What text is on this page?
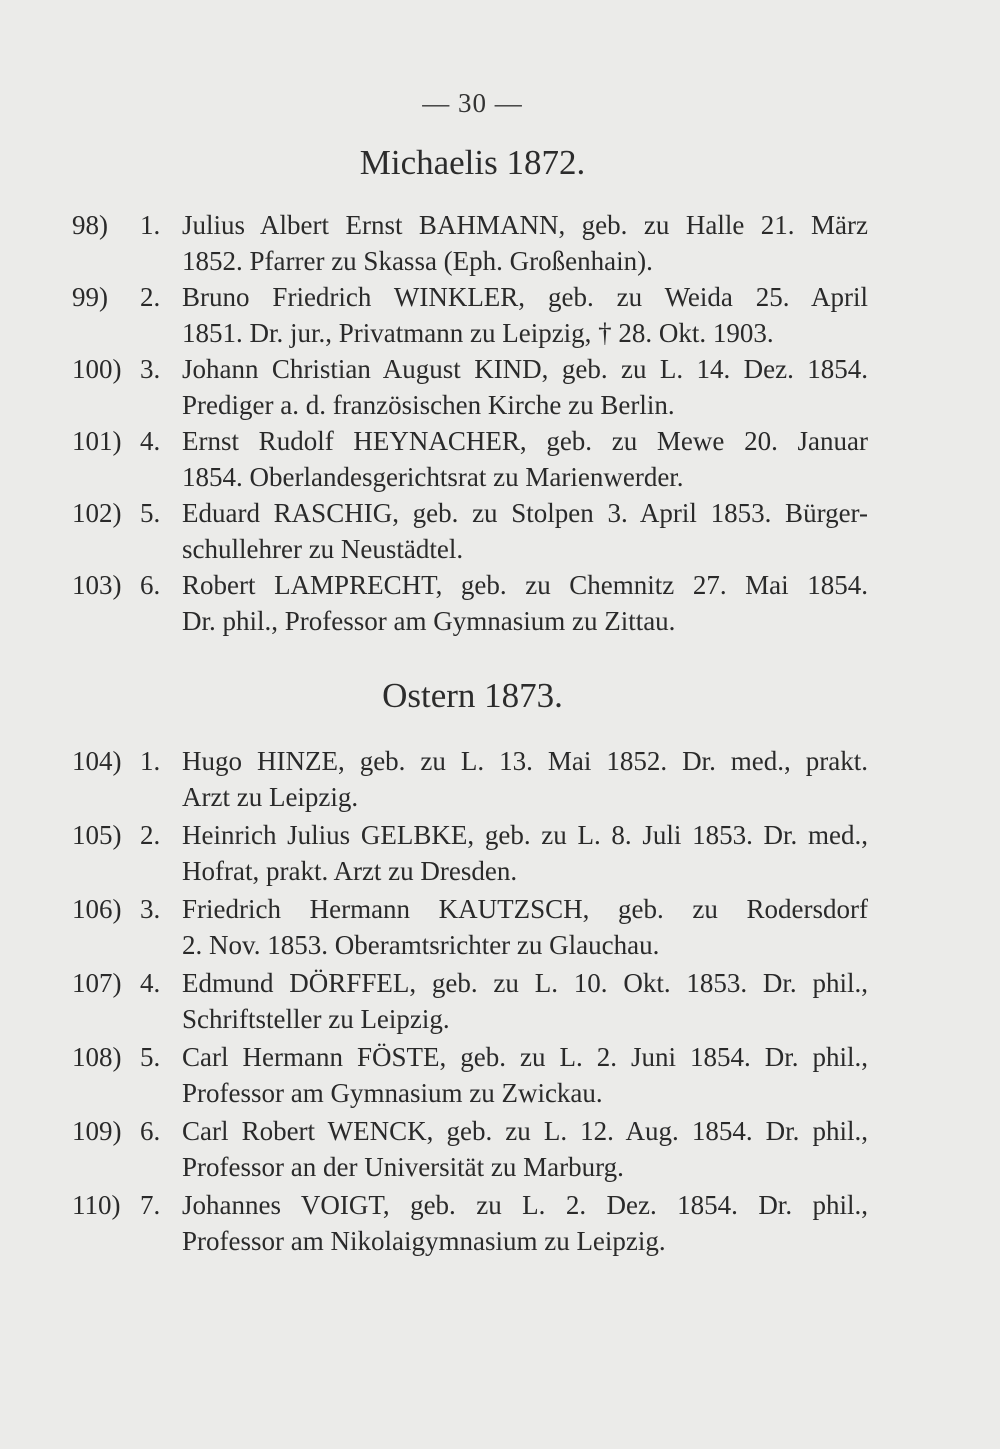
— 30 —
Michaelis 1872.
98)	1. Julius Albert Ernst BAHMANN, geb. zu Halle 21. März
1852. Pfarrer zu Skassa (Eph. Großenhain).
99)	2. Bruno Friedrich WINKLER, geb. zu Weida 25. April
1851. Dr. jur., Privatmann zu Leipzig, † 28. Okt. 1903.
100) 3. Johann Christian August KIND, geb. zu L. 14. Dez. 1854.
Prediger a. d. französischen Kirche zu Berlin.
101) 4. Ernst Rudolf HEYNACHER, geb. zu Mewe 20. Januar
1854. Oberlandesgerichtsrat zu Marienwerder.
102) 5. Eduard RASCHIG, geb. zu Stolpen 3. April 1853. Bürger-
schullehrer zu Neustädtel.
103) 6. Robert LAMPRECHT, geb. zu Chemnitz 27. Mai 1854.
Dr. phil., Professor am Gymnasium zu Zittau.
Ostern 1873.
104) 1. Hugo HINZE, geb. zu L. 13. Mai 1852. Dr. med., prakt.
Arzt zu Leipzig.
105) 2. Heinrich Julius GELBKE, geb. zu L. 8. Juli 1853. Dr. med.,
Hofrat, prakt. Arzt zu Dresden.
106) 3. Friedrich Hermann KAUTZSCH, geb. zu Rodersdorf
2. Nov. 1853. Oberamtsrichter zu Glauchau.
107) 4. Edmund DÖRFFEL, geb. zu L. 10. Okt. 1853. Dr. phil.,
Schriftsteller zu Leipzig.
108) 5. Carl Hermann FÖSTE, geb. zu L. 2. Juni 1854. Dr. phil.,
Professor am Gymnasium zu Zwickau.
109) 6. Carl Robert WENCK, geb. zu L. 12. Aug. 1854. Dr. phil.,
Professor an der Universität zu Marburg.
110) 7. Johannes VOIGT, geb. zu L. 2. Dez. 1854. Dr. phil.,
Professor am Nikolaigymnasium zu Leipzig.
